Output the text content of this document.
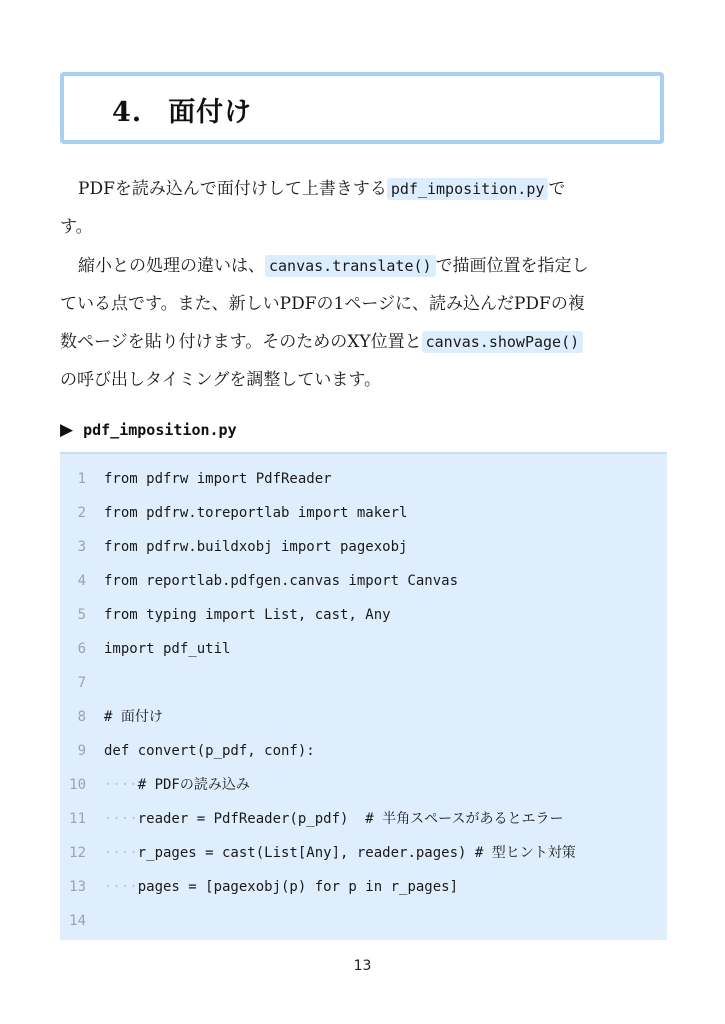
4. 面付け
PDFを読み込んで面付けして上書きする pdf_imposition.py で
す。
縮小との処理の違いは、 canvas.translate() で描画位置を指定し
ている点です。また、新しいPDFの1ページに、読み込んだPDFの複
数ページを貼り付けます。そのためのXY位置と canvas.showPage()
の呼び出しタイミングを調整しています。
▶ pdf_imposition.py
1 from pdfrw import PdfReader
2 from pdfrw.toreportlab import makerl
3 from pdfrw.buildxobj import pagexobj
4 from reportlab.pdfgen.canvas import Canvas
5 from typing import List, cast, Any
6 import pdf_util
7
8 # 面付け
9 def convert(p_pdf, conf):
10 ····# PDFの読み込み
11 ····reader = PdfReader(p_pdf)  # 半角スペースがあるとエラー
12 ····r_pages = cast(List[Any], reader.pages) # 型ヒント対策
13 ····pages = [pagexobj(p) for p in r_pages]
14
13
